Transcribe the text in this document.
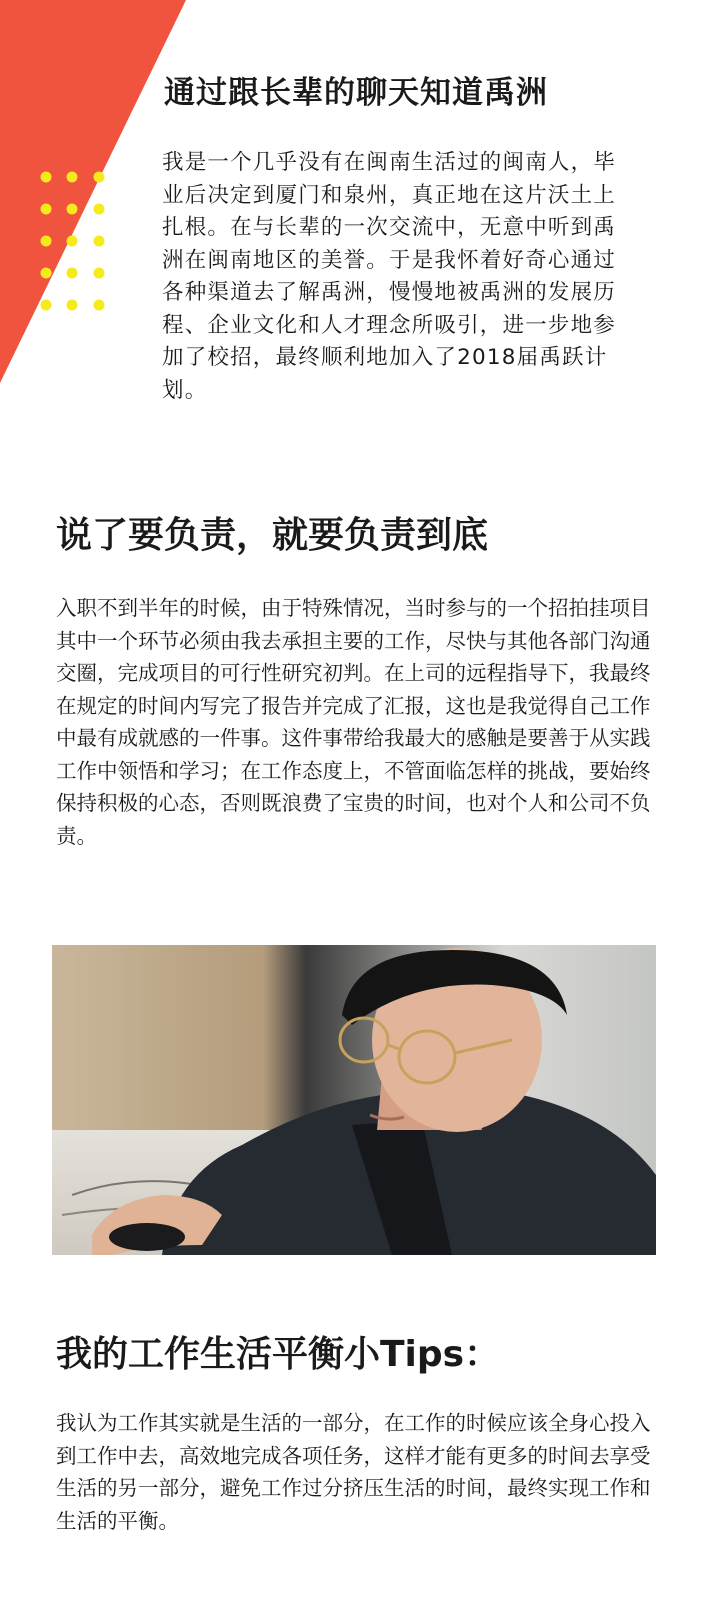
通过跟长辈的聊天知道禹洲
我是一个几乎没有在闽南生活过的闽南人，毕业后决定到厦门和泉州，真正地在这片沃土上扎根。在与长辈的一次交流中，无意中听到禹洲在闽南地区的美誉。于是我怀着好奇心通过各种渠道去了解禹洲，慢慢地被禹洲的发展历程、企业文化和人才理念所吸引，进一步地参加了校招，最终顺利地加入了2018届禹跃计划。
说了要负责，就要负责到底
入职不到半年的时候，由于特殊情况，当时参与的一个招拍挂项目其中一个环节必须由我去承担主要的工作，尽快与其他各部门沟通交圈，完成项目的可行性研究初判。在上司的远程指导下，我最终在规定的时间内写完了报告并完成了汇报，这也是我觉得自己工作中最有成就感的一件事。这件事带给我最大的感触是要善于从实践工作中领悟和学习；在工作态度上，不管面临怎样的挑战，要始终保持积极的心态，否则既浪费了宝贵的时间，也对个人和公司不负责。
我的工作生活平衡小Tips：
我认为工作其实就是生活的一部分，在工作的时候应该全身心投入到工作中去，高效地完成各项任务，这样才能有更多的时间去享受生活的另一部分，避免工作过分挤压生活的时间，最终实现工作和生活的平衡。
